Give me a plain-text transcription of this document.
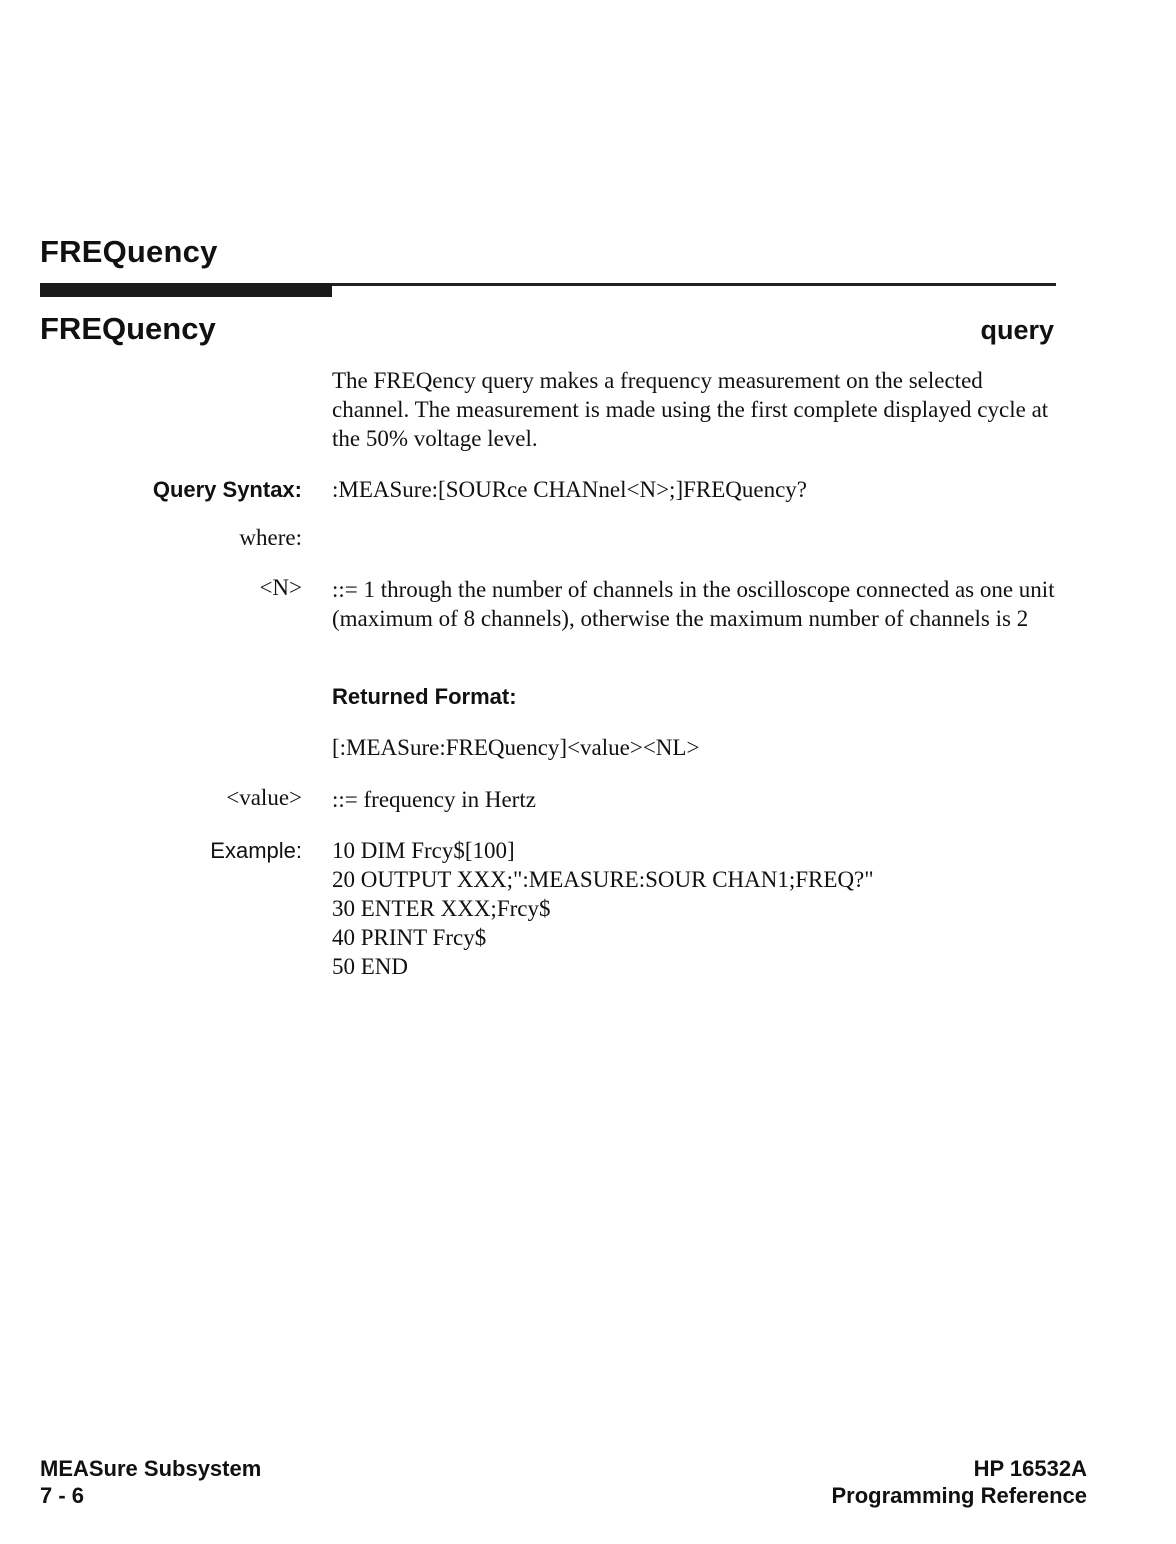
FREQuency
FREQuency	query
The FREQency query makes a frequency measurement on the selected channel. The measurement is made using the first complete displayed cycle at the 50% voltage level.
Query Syntax: :MEASure:[SOURce CHANnel<N>;]FREQuency?
where:
<N> ::= 1 through the number of channels in the oscilloscope connected as one unit (maximum of 8 channels), otherwise the maximum number of channels is 2
Returned Format:
[:MEASure:FREQuency]<value><NL>
<value> ::= frequency in Hertz
Example: 10 DIM Frcy$[100]
20 OUTPUT XXX;":MEASURE:SOUR CHAN1;FREQ?"
30 ENTER XXX;Frcy$
40 PRINT Frcy$
50 END
MEASure Subsystem
7 - 6
HP 16532A
Programming Reference
